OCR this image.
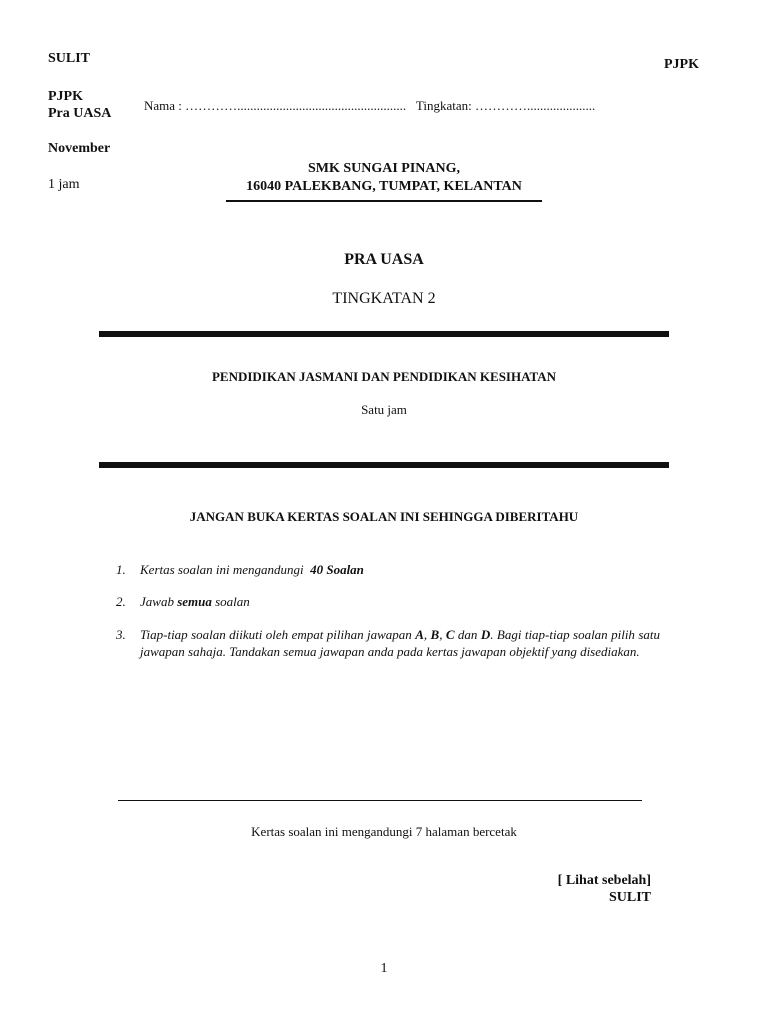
SULIT	PJPK
PJPK
Pra UASA
Nama : ………….................................................... Tingkatan: ………….....................
November
1 jam
SMK SUNGAI PINANG,
16040 PALEKBANG, TUMPAT, KELANTAN
PRA UASA
TINGKATAN 2
PENDIDIKAN JASMANI DAN PENDIDIKAN KESIHATAN
Satu jam
JANGAN BUKA KERTAS SOALAN INI SEHINGGA DIBERITAHU
1. Kertas soalan ini mengandungi  40 Soalan
2. Jawab semua soalan
3. Tiap-tiap soalan diikuti oleh empat pilihan jawapan A, B, C dan D. Bagi tiap-tiap soalan pilih satu jawapan sahaja. Tandakan semua jawapan anda pada kertas jawapan objektif yang disediakan.
Kertas soalan ini mengandungi 7 halaman bercetak
[ Lihat sebelah]
SULIT
1
